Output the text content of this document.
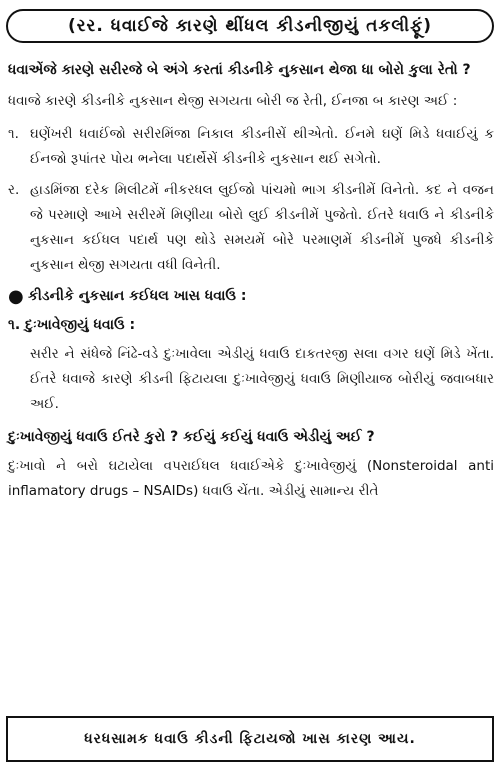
(રર. ધવાઈજે કારણે થીંધલ કીડનીજીયું તકલીફૂં)
ધવાએંજે કારણે સરીરજે બે અંગે કરતાં કીડનીકે નુકસાન થેજા ધા બોરો કુલા રેતો ?
ધવાજે કારણે કીડનીકે નુકસાન થેજી સગયતા બોરી જ રેતી, ઈનજા બ કારણ અઈ :
૧. ઘણેંખરી ધવાઈંજો સરીરમિંજા નિકાલ કીડનીસેં થીએતો. ઈનમે ઘણેં મિડે ધવાઈયું ક ઈનજો રૂપાંતર પોય ભનેલા પદાર્થેસેં કીડનીકે નુકસાન થઈ સગેતો.
ર. હાડમિંજા દરેક મિલીટમેં નીકરધલ લુઈજો પાંચમો ભાગ કીડનીમેં વિનેતો. કદ ને વજન જે પરમાણે આખે સરીરમેં મિણીયા બોરો લુઈ કીડનીમેં પુજેતો. ઈતરે ધવાઉ ને કીડનીકે નુકસાન કઈધલ પદાર્થ પણ થોડે સમયમેં બોરે પરમાણમેં કીડનીમેં પુજધે કીડનીકે નુકસાન થેજી સગયતા વધી વિનેતી.
● કીડનીકે નુકસાન કઈધલ ખાસ ધવાઉ :
૧. દુઃખાવેજીયું ધવાઉ :
સરીર ને સંધેજે નિંઢે-વડે દુઃખાવેલા એડીયું ધવાઉ દાકતરજી સલા વગર ઘણેં મિડે ખેંતા. ઈતરે ધવાજે કારણે કીડની ફિટાયલા દુઃખાવેજીયું ધવાઉ મિણીયાજ બોરીયું જવાબધાર અઈ.
દુઃખાવેજીયું ધવાઉ ઈતરે કુરો ? કઈયું કઈયું ધવાઉ એડીયું અઈ ?
દુઃખાવો ને બરો ઘટાયેલા વપરાઈધલ ધવાઈએકે દુઃખાવેજીયું (Nonsteroidal anti inflamatory drugs – NSAIDs) ધવાઉ ચેંતા. એડીયું સામાન્ય રીતે
ધરધસામક ધવાઉ કીડની ફિટાયજો ખાસ કારણ આય.
